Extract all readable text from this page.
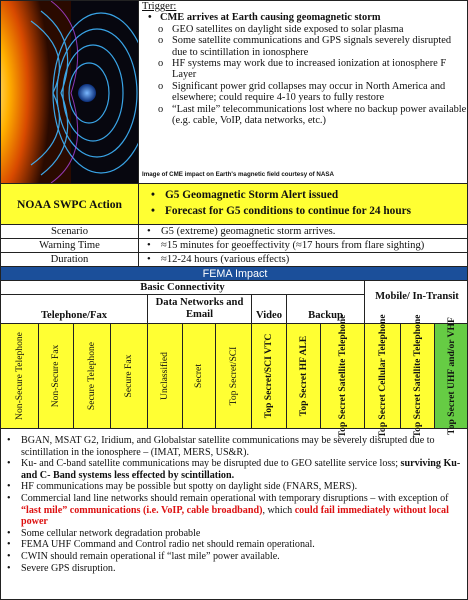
Trigger:
• CME arrives at Earth causing geomagnetic storm
o GEO satellites on daylight side exposed to solar plasma
o Some satellite communications and GPS signals severely disrupted due to scintillation in ionosphere
o HF systems may work due to increased ionization at ionosphere F Layer
o Significant power grid collapses may occur in North America and elsewhere; could require 4-10 years to fully restore
o “Last mile” telecommunications lost where no backup power available (e.g. cable, VoIP, data networks, etc.)
Image of CME impact on Earth's magnetic field courtesy of NASA
NOAA SWPC Action
• G5 Geomagnetic Storm Alert issued
• Forecast for G5 conditions to continue for 24 hours
Scenario	• G5 (extreme) geomagnetic storm arrives.
Warning Time	• ≈15 minutes for geoeffectivity (≈17 hours from flare sighting)
Duration	• ≈12-24 hours (various effects)
FEMA Impact
Basic Connectivity
Mobile/ In-Transit
Telephone/Fax
Data Networks and Email	Video	Backup
Non-Secure Telephone	Non-Secure Fax	Secure Telephone	Secure Fax	Unclassified Secret Top Secret/SCI	Top Secret/SCI VTC Top Secret HF ALE	Top Secret Satellite Telephone	Top Secret Cellular Telephone	Top Secret Satellite Telephone Top Secret UHF and/or VHF
• BGAN, MSAT G2, Iridium, and Globalstar satellite communications may be severely disrupted due to scintillation in the ionosphere – (IMAT, MERS, US&R).
• Ku- and C-band satellite communications may be disrupted due to GEO satellite service loss; surviving Ku- and C- Band systems less effected by scintillation.
• HF communications may be possible but spotty on daylight side (FNARS, MERS).
• Commercial land line networks should remain operational with temporary disruptions – with exception of “last mile” communications (i.e. VoIP, cable broadband), which could fail immediately without local power
• Some cellular network degradation probable
• FEMA UHF Command and Control radio net should remain operational.
• CWIN should remain operational if “last mile” power available.
• Severe GPS disruption.
